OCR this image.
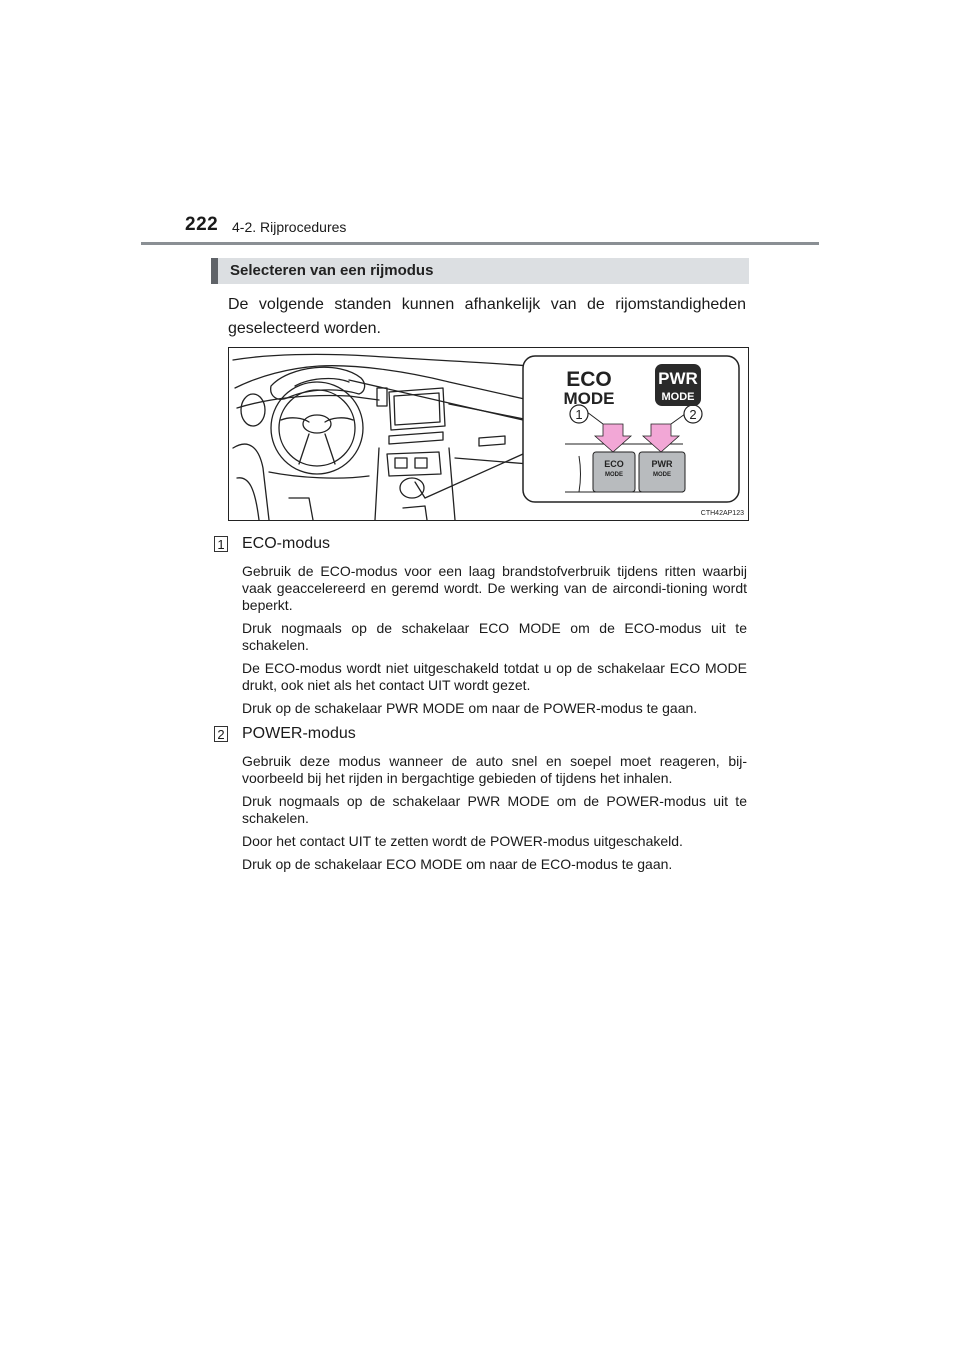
222 4-2. Rijprocedures
Selecteren van een rijmodus

De volgende standen kunnen afhankelijk van de rijomstandigheden geselecteerd worden.

1	2
ECO
MODE
PWR
MODE
ECO
MODE
PWR
MODE
CTH42AP123
1 ECO-modus

Gebruik de ECO-modus voor een laag brandstofverbruik tijdens ritten waarbij vaak geaccelereerd en geremd wordt. De werking van de aircondi-tioning wordt beperkt.

Druk nogmaals op de schakelaar ECO MODE om de ECO-modus uit te schakelen.

De ECO-modus wordt niet uitgeschakeld totdat u op de schakelaar ECO MODE drukt, ook niet als het contact UIT wordt gezet.

Druk op de schakelaar PWR MODE om naar de POWER-modus te gaan.

2 POWER-modus

Gebruik deze modus wanneer de auto snel en soepel moet reageren, bij-voorbeeld bij het rijden in bergachtige gebieden of tijdens het inhalen.

Druk nogmaals op de schakelaar PWR MODE om de POWER-modus uit te schakelen.

Door het contact UIT te zetten wordt de POWER-modus uitgeschakeld.

Druk op de schakelaar ECO MODE om naar de ECO-modus te gaan.
